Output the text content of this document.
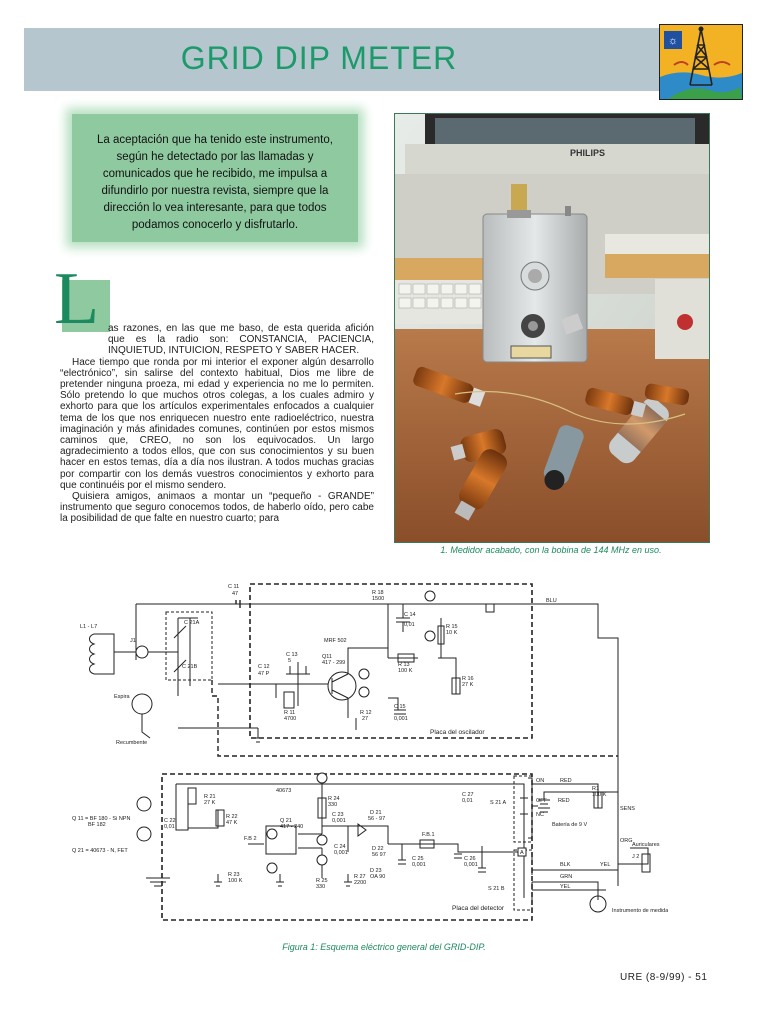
GRID DIP METER	☼
La aceptación que ha tenido este instrumento, según he detectado por las llamadas y comunicados que he recibido, me impulsa a difundirlo por nuestra revista, siempre que la dirección lo vea interesante, para que todos podamos conocerlo y disfrutarlo.
PHILIPS
1. Medidor acabado, con la bobina de 144 MHz en uso.
L as razones, en las que me baso, de esta querida afición que es la radio son: CONSTANCIA, PACIENCIA, INQUIETUD, INTUICION, RESPETO Y SABER HACER.

Hace tiempo que ronda por mi interior el exponer algún desarrollo “electrónico”, sin salirse del contexto habitual, Dios me libre de pretender ninguna proeza, mi edad y experiencia no me lo permiten. Sólo pretendo lo que muchos otros colegas, a los cuales admiro y exhorto para que los artículos experimentales enfocados a cualquier tema de los que nos enriquecen nuestro ente radioeléctrico, nuestra imaginación y más afinidades comunes, continúen por estos mismos caminos que, CREO, no son los equivocados. Un largo agradecimiento a todos ellos, que con sus conocimientos y su buen hacer en estos temas, día a día nos ilustran. A todos muchas gracias por compartir con los demás vuestros conocimientos y exhorto para que continuéis por el mismo sendero.

Quisiera amigos, animaos a montar un “pequeño - GRANDE” instrumento que seguro conocemos todos, de haberlo oído, pero cabe la posibilidad de que falte en nuestro cuarto; para

C 11
47	R 18
1500
C 14
0,01
BLU
L1 - L7
J1
C 21A
C 21B
R 15
10 K
C 13
5
C 12
47 P
Q11
417 - 299
MRF 502
R 13
100 K
R 16
27 K
R 11
4700
R 12
27
C 15
0,001
Espira
Recumbente
Placa del oscilador
Q 11 = BF 180 - Si NPN
BF 182
Q 21 = 40673 - N, FET
Placa del detector
R 21
27 K
C 22
0,01
R 22
47 K
40673
R 24
330
Q 21
417 - 240
C 23
0,001
D 21
56 - 97
C 27
0,01	S 21 A
ON	RED
OFF RED
NC
R1
100 K
SENS
Batería de 9 V
F.B.1
F.B 2
C 24
0,001
D 22
56 97
C 25
0,001
C 26
0,001
R 23
100 K	R 25
330
R 27
2200
D 23
OA 90
BLK
GRN
YEL
YEL
ORG
Auriculares
J 2
S 21 B
Instrumento de medida
A
Figura 1: Esquema eléctrico general del GRID-DIP.
URE (8-9/99) - 51
